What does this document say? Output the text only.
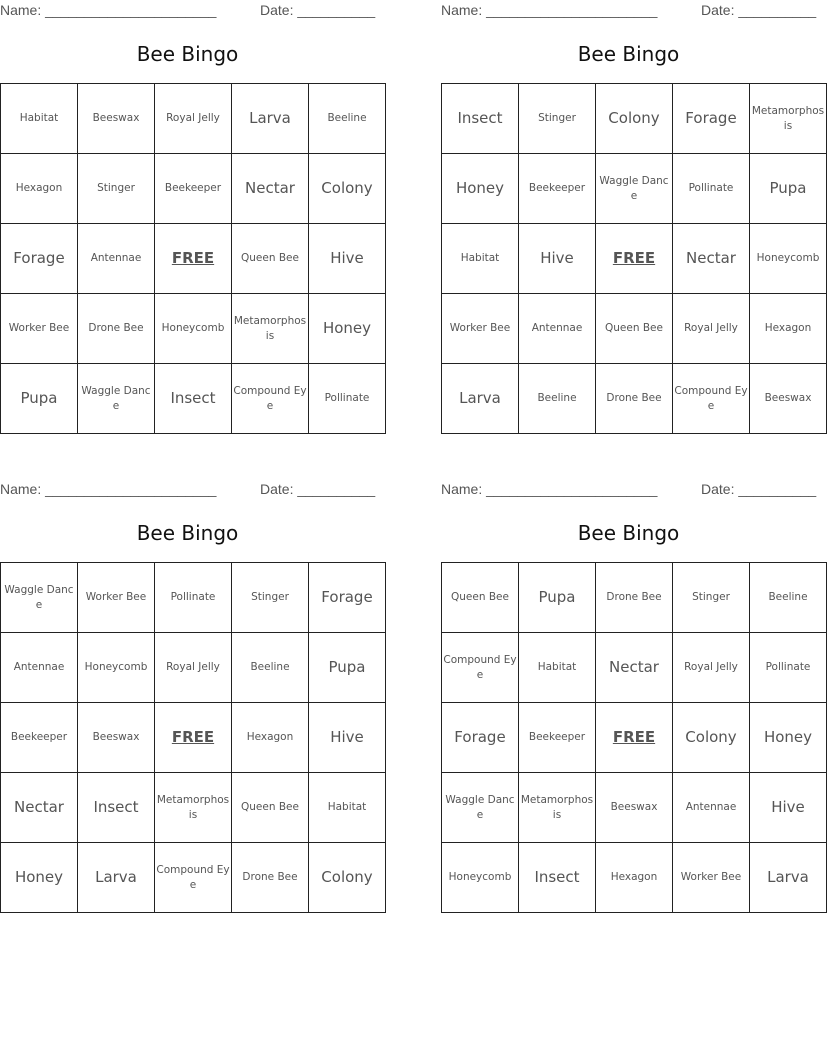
Name: ______________________	Date: __________
Bee Bingo
Habitat	Beeswax	Royal Jelly	Larva	Beeline
Hexagon	Stinger	Beekeeper	Nectar	Colony
Forage	Antennae	FREE	Queen Bee	Hive
Worker Bee	Drone Bee	Honeycomb	Metamorphosis	Honey
Pupa	Waggle Dance	Insect	Compound Eye	Pollinate
Name: ______________________	Date: __________
Bee Bingo
Insect	Stinger	Colony	Forage	Metamorphosis
Honey	Beekeeper	Waggle Dance	Pollinate	Pupa
Habitat	Hive	FREE	Nectar	Honeycomb
Worker Bee	Antennae	Queen Bee	Royal Jelly	Hexagon
Larva	Beeline	Drone Bee	Compound Eye	Beeswax
Name: ______________________	Date: __________
Bee Bingo
Waggle Dance	Worker Bee	Pollinate	Stinger	Forage
Antennae	Honeycomb	Royal Jelly	Beeline	Pupa
Beekeeper	Beeswax	FREE	Hexagon	Hive
Nectar	Insect	Metamorphosis	Queen Bee	Habitat
Honey	Larva	Compound Eye	Drone Bee	Colony
Name: ______________________	Date: __________
Bee Bingo
Queen Bee	Pupa	Drone Bee	Stinger	Beeline
Compound Eye	Habitat	Nectar	Royal Jelly	Pollinate
Forage	Beekeeper	FREE	Colony	Honey
Waggle Dance	Metamorphosis	Beeswax	Antennae	Hive
Honeycomb	Insect	Hexagon	Worker Bee	Larva
